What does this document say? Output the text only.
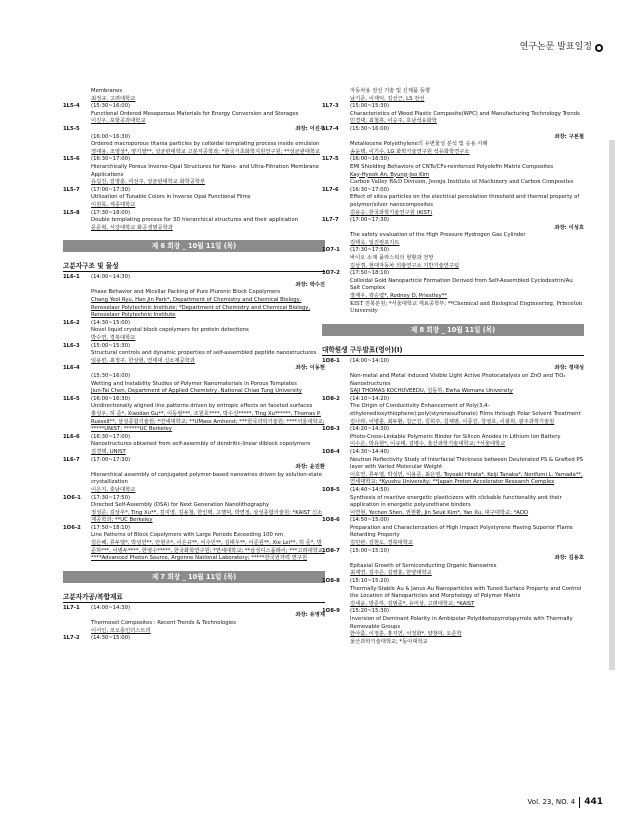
연구논문 발표일정
Membranes
최정규, 고려대학교
1L5-4	(15:30~16:00)
Functional Ordered Mesoporous Materials for Energy Conversion and Storages
이진우, 포항공과대학교
1L5-5	좌장: 이진우
(16:00~16:30)
Ordered macroporous titania particles by colloidal templating process inside emulsion
정대용, 조영상*, 양기영**, 성균관대학교 고분자공학과; *한국기초화학지원연구원; **성균관대학교
1L5-6	(16:30~17:00)
Hierarchically Porous Inverse-Opal Structures for Nano- and Ultra-Filtration Membrane Applications
유길진, 김영훈, 여선주, 성균관대학교 화학공학부
1L5-7	(17:00~17:30)
Utilization of Tunable Colors in Inverse Opal Functional Films
이원목, 세종대학교
1L5-8	(17:30~18:00)
Double templating process for 3D hierarchical structures and their application
문준혁, 서강대학교 화공생명공학과
제 6 회장 _ 10월 11일 (목)
고분자구조 및 물성
1L6-1	(14:00~14:30)
좌장: 박수진
Phase Behavior and Micellar Packing of Pure Pluronic Block Copolymers
Chang Yeol Ryu, Han Jin Park*, Department of Chemistry and Chemical Biology, Rensselaer Polytechnic Institute; *Department of Chemistry and Chemical Biology, Rensselaer Polytechnic Institute
1L6-2	(14:30~15:00)
Novel liquid crystal block copolymers for protein detections
박수연, 경북대학교
1L6-3	(15:00~15:30)
Structural controls and dynamic properties of self-assembled peptide nanostructures
임용빈, 최정주, 한상현, 연세대 신소재공학과
1L6-4	좌장: 이동현
(15:30~16:00)
Wetting and Instability Studies of Polymer Nanomaterials in Porous Templates
Jiun-Tai Chen, Department of Applied Chemistry, National Chiao Tung University
1L6-5	(16:00~16:30)
Unidirectionally aligned line patterns driven by entropic effects on faceted surfaces
홍성우, 허 준*, Xiaodan Gu**, 이동현***, 조원호****, 박수진*****, Ting Xu******, Thomas P. Russell**, 삼성종합기술원; *연세대학교; **UMass Amherst; ***한국과학기술원; ****서울대학교; *****UNIST; ******UC Berkeley
1L6-6	(16:30~17:00)
Nanostructures obtained from self-assembly of dendritic-linear diblock copolymers
김경택, UNIST
1L6-7	(17:00~17:30)
좌장: 윤진환
Hierarchical assembly of conjugated polymer-based nanowires driven by solution-state crystallization
이은지, 충남대학교
1O6-1	(17:30~17:50)
Directed Self-Assembly (DSA) for Next Generation Nanolithography
정성준, 김상우*, Ting Xu**, 김지영, 김용철, 한인택, 고행덕, 박연정, 삼성종합기술원; *KAIST 신소재공학과; **UC Berkeley
1O6-2	(17:50~18:10)
Line Patterns of Block Copolymers with Large Periods Exceeding 100 nm
김은혜, 류두열*, 박성민**, 안현주*, 이은규**, 이수인**, 김태우**, 이준원**, Xie Lei**, 허 준*, 방준하***, 이병두****, 한영수*****, 한국화학연구원; *연세대학교; **삼성디스플레이; ***고려대학교; ****Advanced Photon Source, Argonne National Laboratory; *****한국원자력 연구원
제 7 회장 _ 10월 11일 (목)
고분자가공/복합재료
1L7-1	(14:00~14:30)
좌장: 유영재
Thermoset Composites : Recent Trends & Technologies
이서인, 코오롱인더스트리
1L7-2	(14:30~15:00)
자동차용 전선 기술 및 신제품 동향
남기준, 이재익, 김선근, LS 전선
1L7-3	(15:00~15:30)
Characteristics of Wood Plastic Composite(WPC) and Manufacturing Technology Trends
민경대, 최철휴, 이승주, 호남석유화학
1L7-4	(15:30~16:00)
좌장: 구본철
Metallocene Polyethylene의 유변물성 분석 및 응용 사례
송윤택, 이기수, LG 화학기술연구원 석유화학연구소
1L7-5	(16:00~16:30)
EMI Shielding Behaviors of CNTs/CFs-reinforced Polyolefin Matrix Composites
Kay-Hyeok An, Byung-Joo Kim
Carbon Valley R&D Division, Jeonju Institute of Machinery and Carbon Composites
1L7-6	(16:30~17:00)
Effect of silica particles on the electrical percolation threshold and thermal property of polymer/silver nanocomposites
김용승, 한국과학기술연구원 (KIST)
1L7-7	(17:00~17:30)
좌장: 이성호
The safety evaluation of the High Pressure Hydrogen Gas Cylinder
김태욱, 일진컴포지트
1O7-1	(17:30~17:50)
바이오 소재 플라스틱의 현황과 전망
김상겸, 현대자동차 의왕연구소 기반기술연구팀
1O7-2	(17:50~18:10)
Colloidal Gold Nanoparticle Formation Derived from Self-Assembled Cyclodextrin/Au Salt Complex
장재우, 곽승엽*, Rodney D, Priestley**
KIST 전북분원; *서울대학교 재료공학부; **Chemical and Biological Engineering, Princeton University
제 8 회장 _ 10월 11일 (목)
대학원생 구두발표(영어)(I)
1O8-1	(14:00~14:10)
좌장: 정대성
Non-metal and Metal induced Visible Light Active Photocatalysis on ZnO and TiO₂ Nanostructures
SAJI THOMAS KOCHUVEEDU, 김동하, Ewha Womans University
1O8-2	(14:10~14:20)
The Origin of Conductivity Enhancement of Poly(3,4-ethylenedioxythiophene):poly(styrenesulfonate) Films through Polar Solvent Treatment
김나라, 이병훈, 최두환, 김근진, 김희주, 김재범, 이종진, 강영호, 이광희, 광주과학기술원
1O8-3	(14:20~14:30)
Photo-Cross-Linkable Polymeric Binder for Silicon Anodes in Lithium Ion Battery
이수은, 박유현*, 이규태, 김병수, 울산과학기술대학교; *서울대학교
1O8-4	(14:30~14:40)
Neutron Reflectivity Study of Interfacial Thickness between Deuterated PS & Grafted PS layer with Varied Molecular Weight
이호연, 류두열, 박성민, 이용준, 최은영, Toyoaki Hirata*, Keiji Tanaka*, Norifumi L. Yamada**, 연세대학교; *Kyushu University; **Japan Proton Accelerator Research Complex
1O8-5	(14:40~14:50)
Synthesis of reactive energetic plasticizers with clickable functionality and their application in energetic polyurethane binders
이연현, Yechen Shen, 권현환, Jin Seuk Kim*, Yan Xu, 대구대학교; *ADD
1O8-6	(14:50~15:00)
Preparation and Characterization of High Impact Polystyrene Having Superior Flame Retarding Property
김민관, 김현도, 경북대학교
1O8-7	(15:00~15:10)
좌장: 김용호
Epitaxial Growth of Semiconducting Organic Nanowires
최재연, 김주은, 김영훈, 한양대학교
1O8-8	(15:10~15:20)
Thermally-Stable Au & Janus Au Nanoparticles with Tuned Surface Property and Control the Location of Nanoparticles and Morphology of Polymer Matrix
김세윤, 방준하, 김범준*, 유미상, 고려대학교; *KAIST
1O8-9	(15:20~15:30)
Inversion of Dominant Polarity in Ambipolar Polydiketopyrrolopyrrole with Thermally Removable Groups
한아름, 이정훈, 홍지연, 서정화*, 양창덕, 오준학
울산과학기술대학교; *동아대학교
Vol. 23, NO. 4	441
